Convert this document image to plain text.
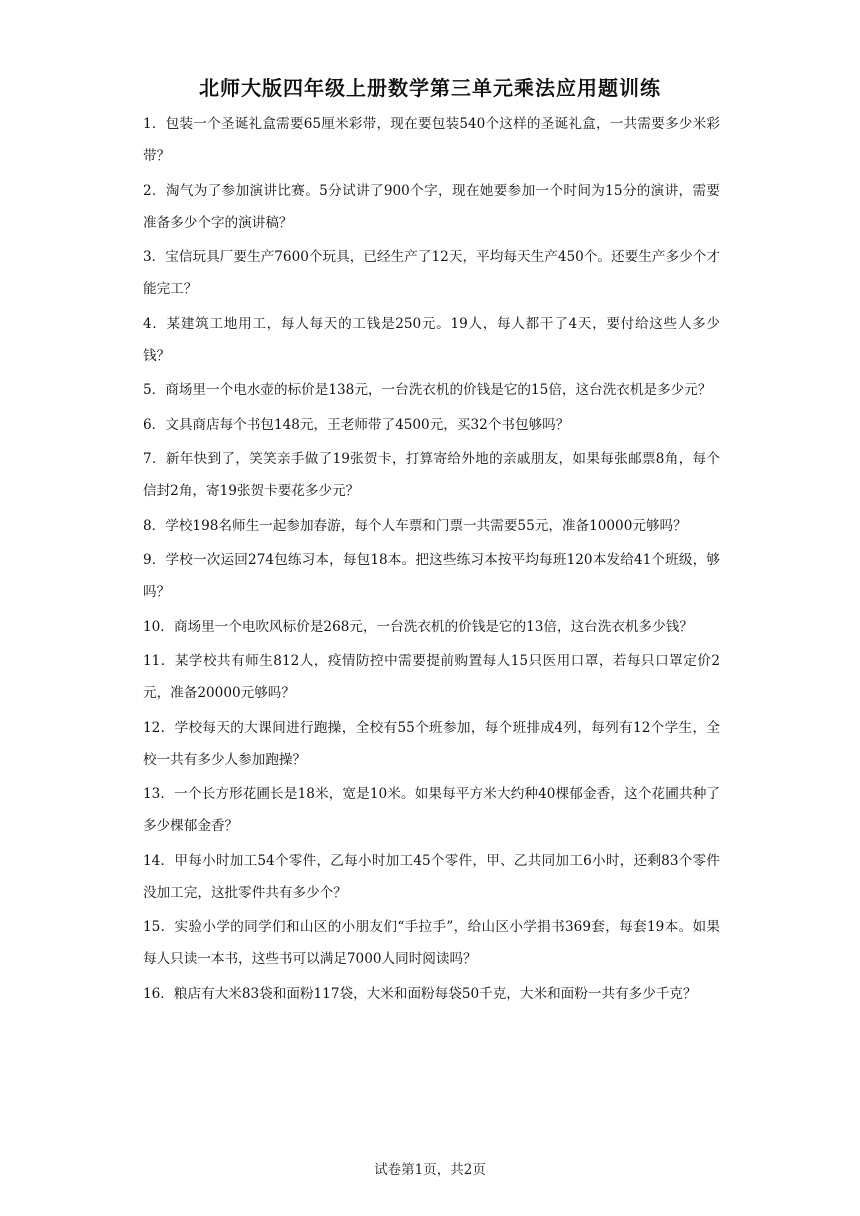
北师大版四年级上册数学第三单元乘法应用题训练
1．包装一个圣诞礼盒需要65厘米彩带，现在要包装540个这样的圣诞礼盒，一共需要多少米彩带？
2．淘气为了参加演讲比赛。5分试讲了900个字，现在她要参加一个时间为15分的演讲，需要准备多少个字的演讲稿？
3．宝信玩具厂要生产7600个玩具，已经生产了12天，平均每天生产450个。还要生产多少个才能完工？
4．某建筑工地用工，每人每天的工钱是250元。19人，每人都干了4天，要付给这些人多少钱？
5．商场里一个电水壶的标价是138元，一台洗衣机的价钱是它的15倍，这台洗衣机是多少元？
6．文具商店每个书包148元，王老师带了4500元，买32个书包够吗？
7．新年快到了，笑笑亲手做了19张贺卡，打算寄给外地的亲戚朋友，如果每张邮票8角，每个信封2角，寄19张贺卡要花多少元？
8．学校198名师生一起参加春游，每个人车票和门票一共需要55元，准备10000元够吗？
9．学校一次运回274包练习本，每包18本。把这些练习本按平均每班120本发给41个班级，够吗？
10．商场里一个电吹风标价是268元，一台洗衣机的价钱是它的13倍，这台洗衣机多少钱？
11．某学校共有师生812人，疫情防控中需要提前购置每人15只医用口罩，若每只口罩定价2元，准备20000元够吗？
12．学校每天的大课间进行跑操，全校有55个班参加，每个班排成4列，每列有12个学生，全校一共有多少人参加跑操？
13．一个长方形花圃长是18米，宽是10米。如果每平方米大约种40棵郁金香，这个花圃共种了多少棵郁金香？
14．甲每小时加工54个零件，乙每小时加工45个零件，甲、乙共同加工6小时，还剩83个零件没加工完，这批零件共有多少个？
15．实验小学的同学们和山区的小朋友们“手拉手”，给山区小学捐书369套，每套19本。如果每人只读一本书，这些书可以满足7000人同时阅读吗？
16．粮店有大米83袋和面粉117袋，大米和面粉每袋50千克，大米和面粉一共有多少千克？
试卷第1页，共2页
